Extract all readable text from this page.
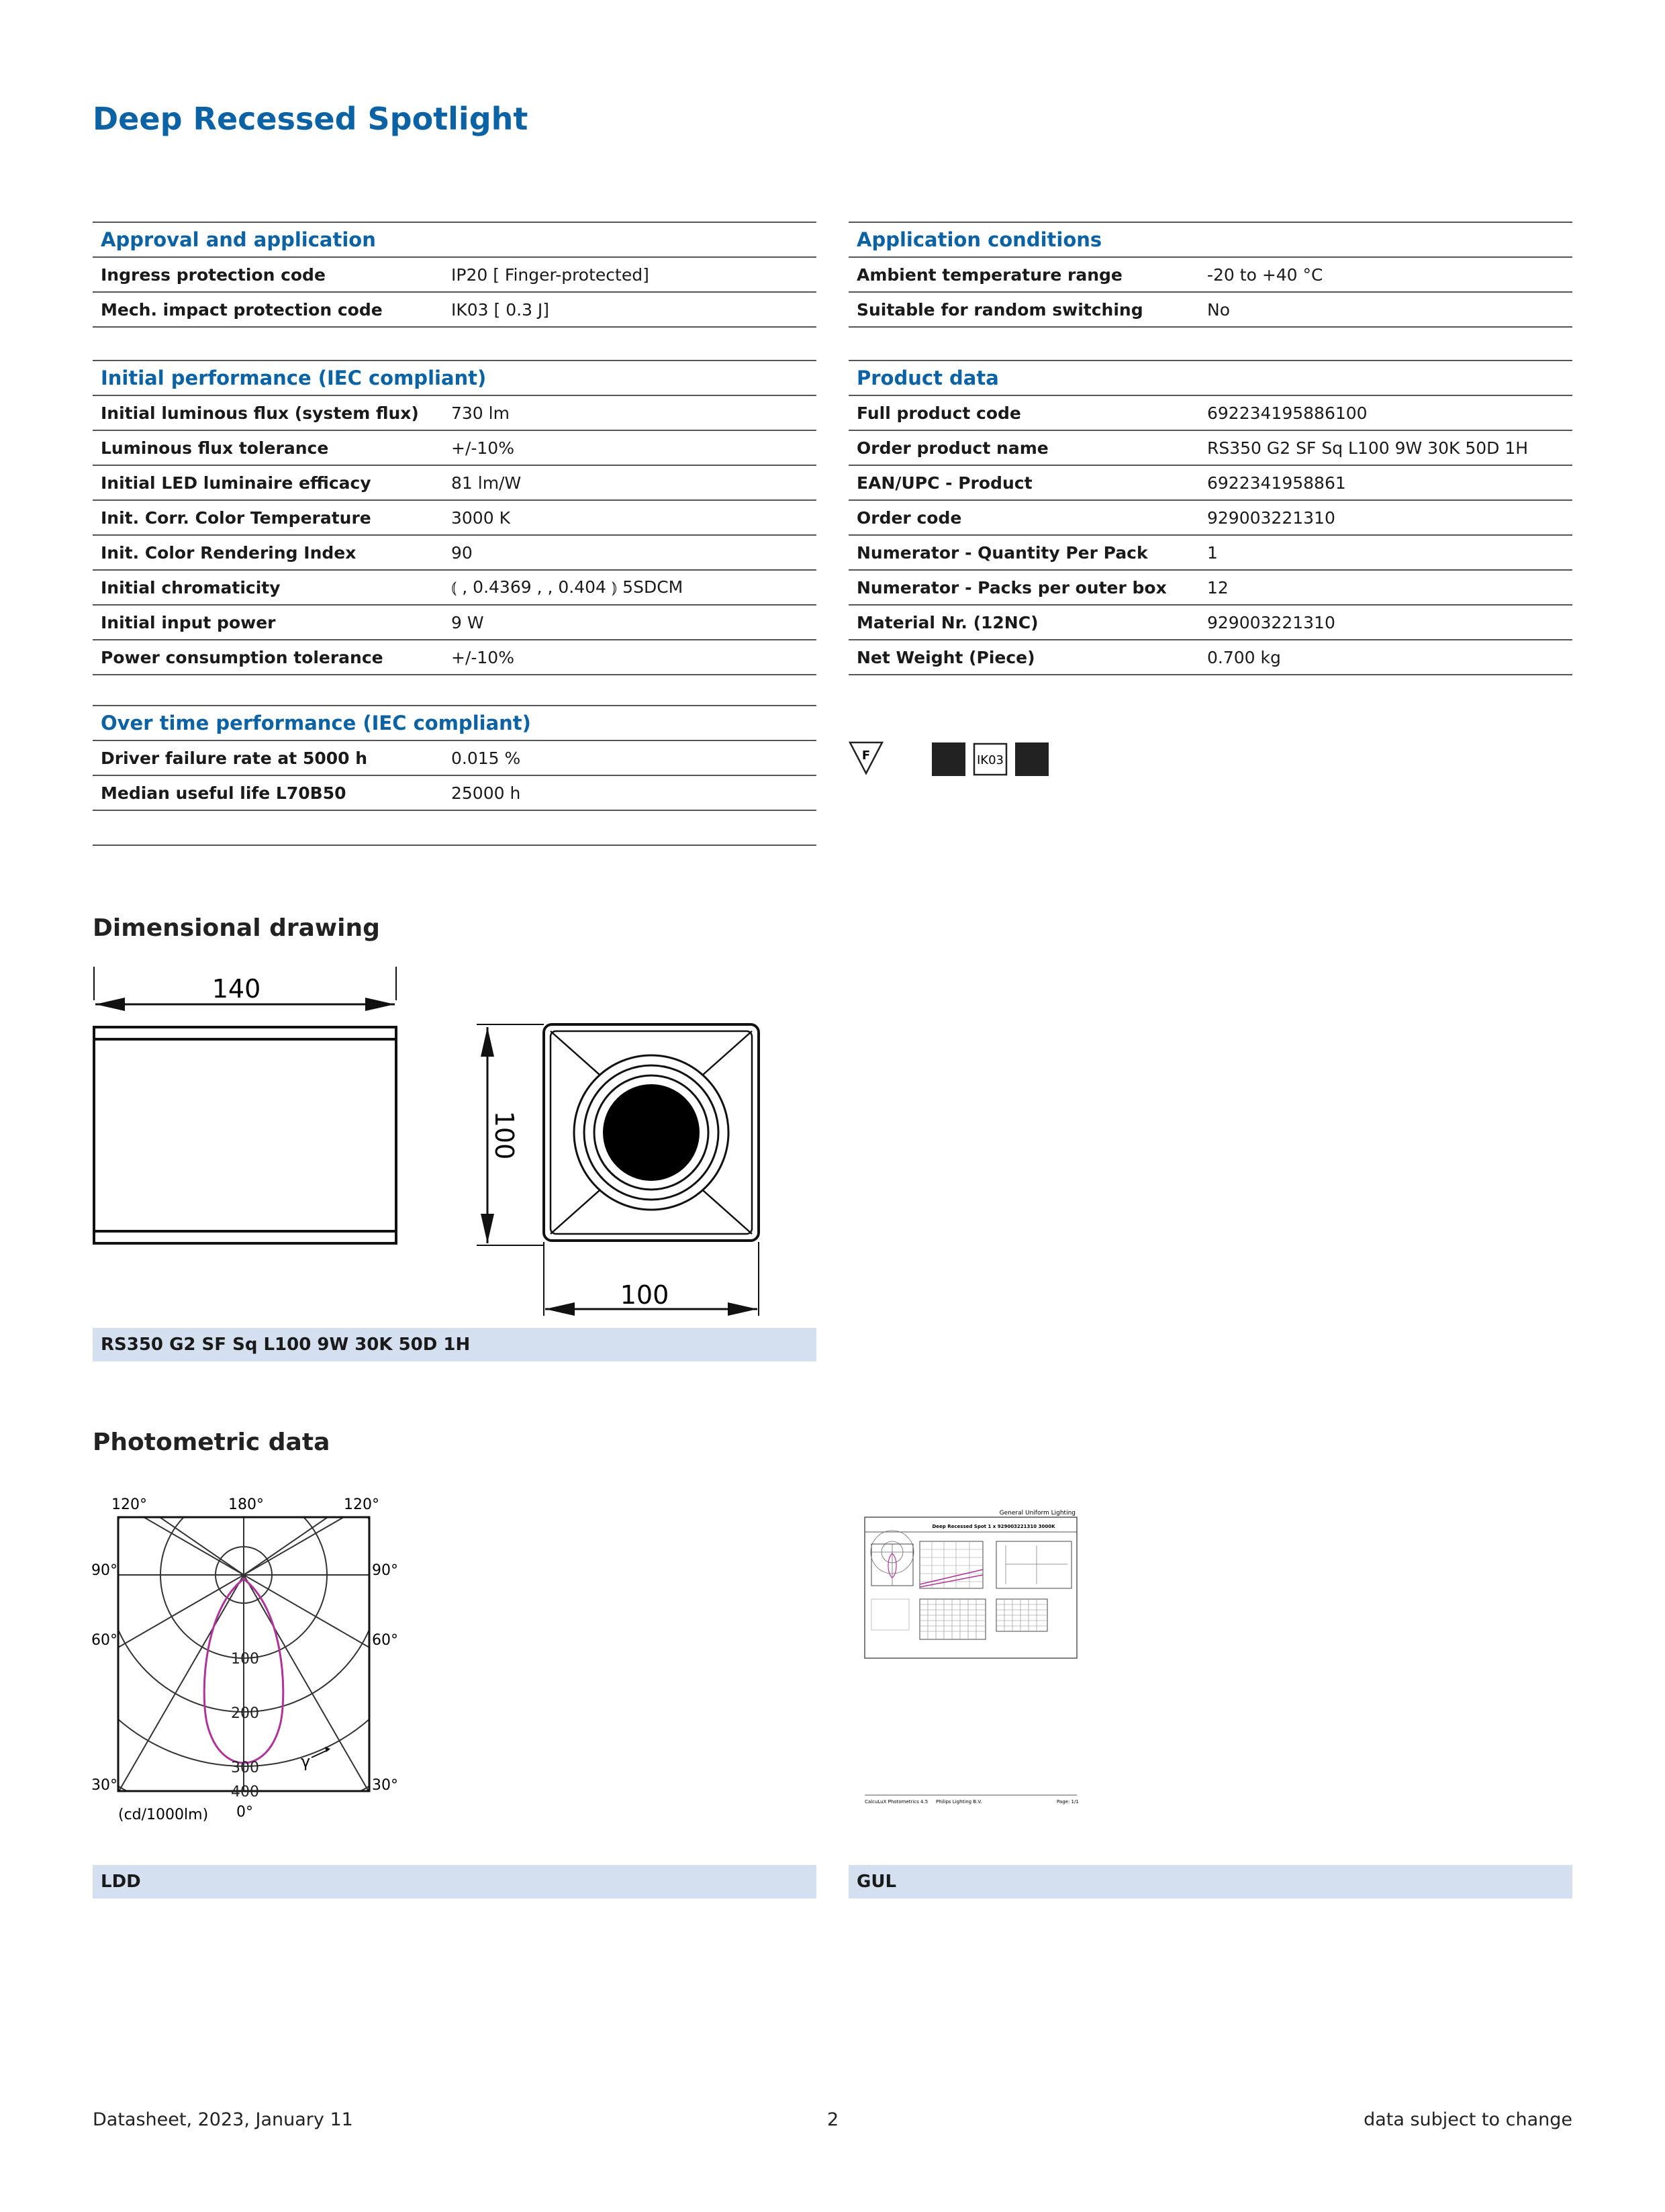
Deep Recessed Spotlight
Approval and application
Ingress protection code	IP20 [ Finger-protected]
Mech. impact protection code	IK03 [ 0.3 J]
Initial performance (IEC compliant)
Initial luminous flux (system flux)	730 lm
Luminous flux tolerance	+/-10%
Initial LED luminaire efficacy	81 lm/W
Init. Corr. Color Temperature	3000 K
Init. Color Rendering Index	90
Initial chromaticity	⦅ , 0.4369 , , 0.404 ⦆ 5SDCM
Initial input power	9 W
Power consumption tolerance	+/-10%
Over time performance (IEC compliant)
Driver failure rate at 5000 h	0.015 %
Median useful life L70B50	25000 h
Application conditions
Ambient temperature range	-20 to +40 °C
Suitable for random switching	No
Product data
Full product code	692234195886100
Order product name	RS350 G2 SF Sq L100 9W 30K 50D 1H
EAN/UPC - Product	6922341958861
Order code	929003221310
Numerator - Quantity Per Pack	1
Numerator - Packs per outer box	12
Material Nr. (12NC)	929003221310
Net Weight (Piece)	0.700 kg
F	IK03
Dimensional drawing
140
100
100
RS350 G2 SF Sq L100 9W 30K 50D 1H
Photometric data
120°	180°	120°
90°	90°
60°	60°
30°	30°
0°
100
200
300
400
(cd/1000lm)
γ
General Uniform Lighting
Deep Recessed Spot 1 x 929003221310 3000K
CalcuLuX Photometrics 4.5 Philips Lighting B.V.	Page: 1/1
LDD	GUL
Datasheet, 2023, January 11	2	data subject to change
